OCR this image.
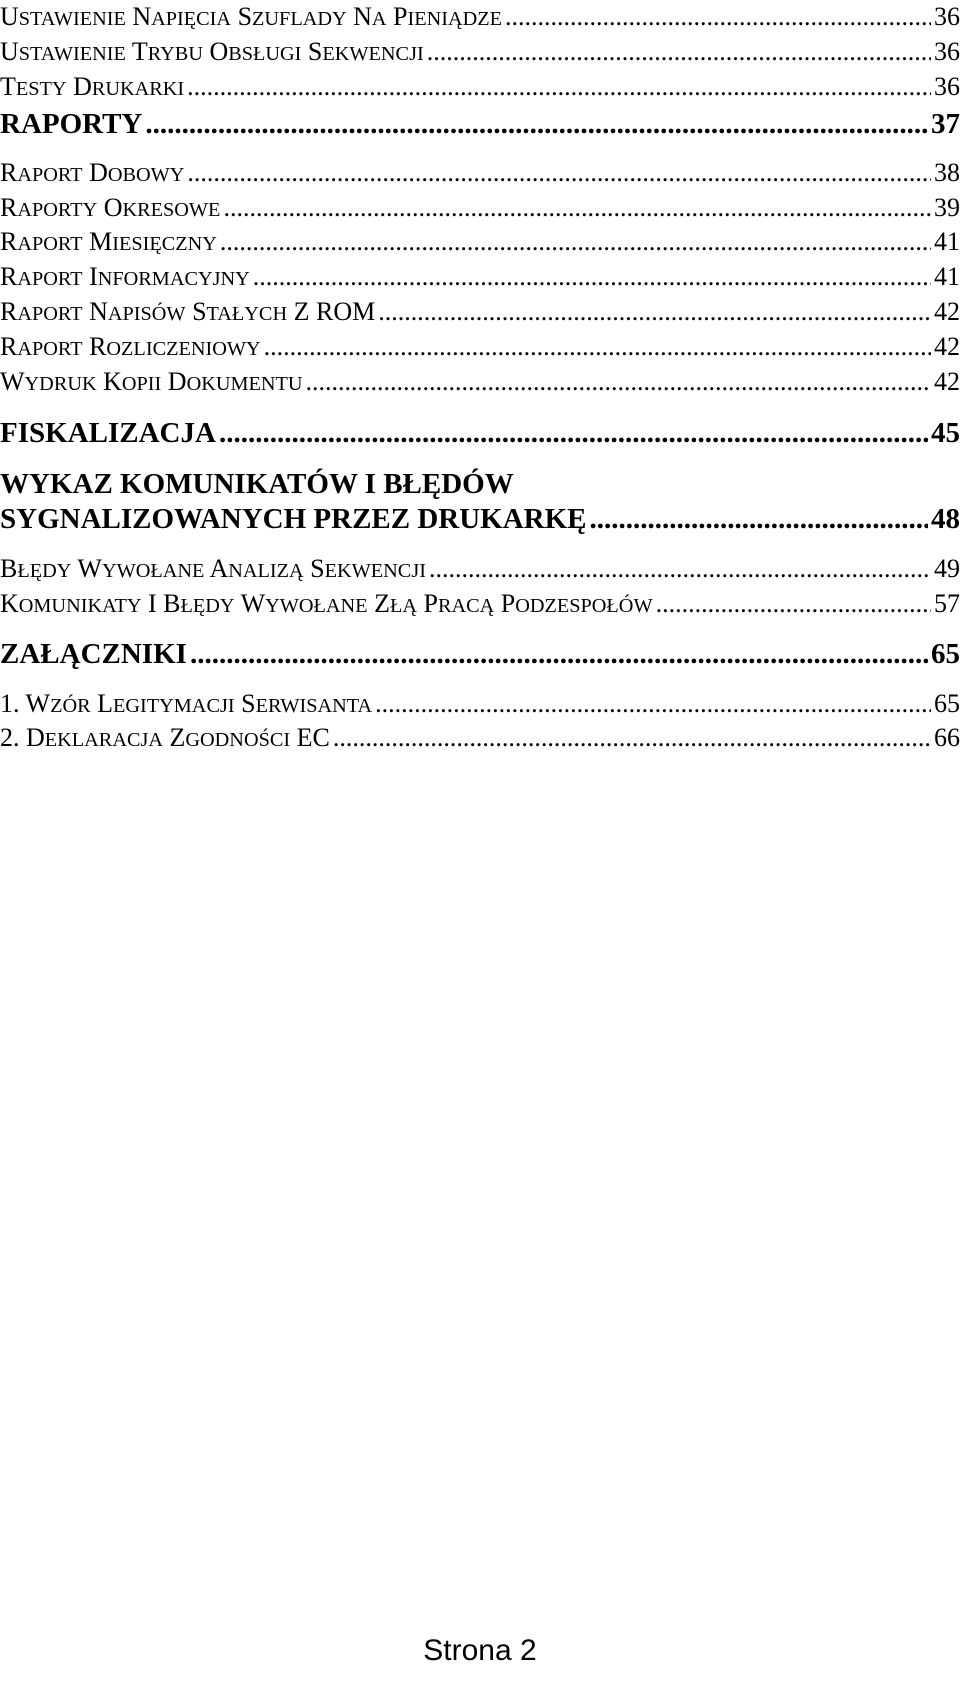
USTAWIENIE NAPIĘCIA SZUFLADY NA PIENIĄDZE .....	36
USTAWIENIE TRYBU OBSŁUGI SEKWENCJI .....	36
TESTY DRUKARKI .....	36
RAPORTY .....	37
RAPORT DOBOWY .....	38
RAPORTY OKRESOWE .....	39
RAPORT MIESIĘCZNY .....	41
RAPORT INFORMACYJNY .....	41
RAPORT NAPISÓW STAŁYCH Z ROM .....	42
RAPORT ROZLICZENIOWY .....	42
WYDRUK KOPII DOKUMENTU .....	42
FISKALIZACJA .....	45
WYKAZ KOMUNIKATÓW I BŁĘDÓW
SYGNALIZOWANYCH PRZEZ DRUKARKĘ .....	48
BŁĘDY WYWOŁANE ANALIZĄ SEKWENCJI .....	49
KOMUNIKATY I BŁĘDY WYWOŁANE ZŁĄ PRACĄ PODZESPOŁÓW .....	57
ZAŁĄCZNIKI .....	65
1. WZÓR LEGITYMACJI SERWISANTA .....	65
2. DEKLARACJA ZGODNOŚCI EC .....	66
Strona 2
